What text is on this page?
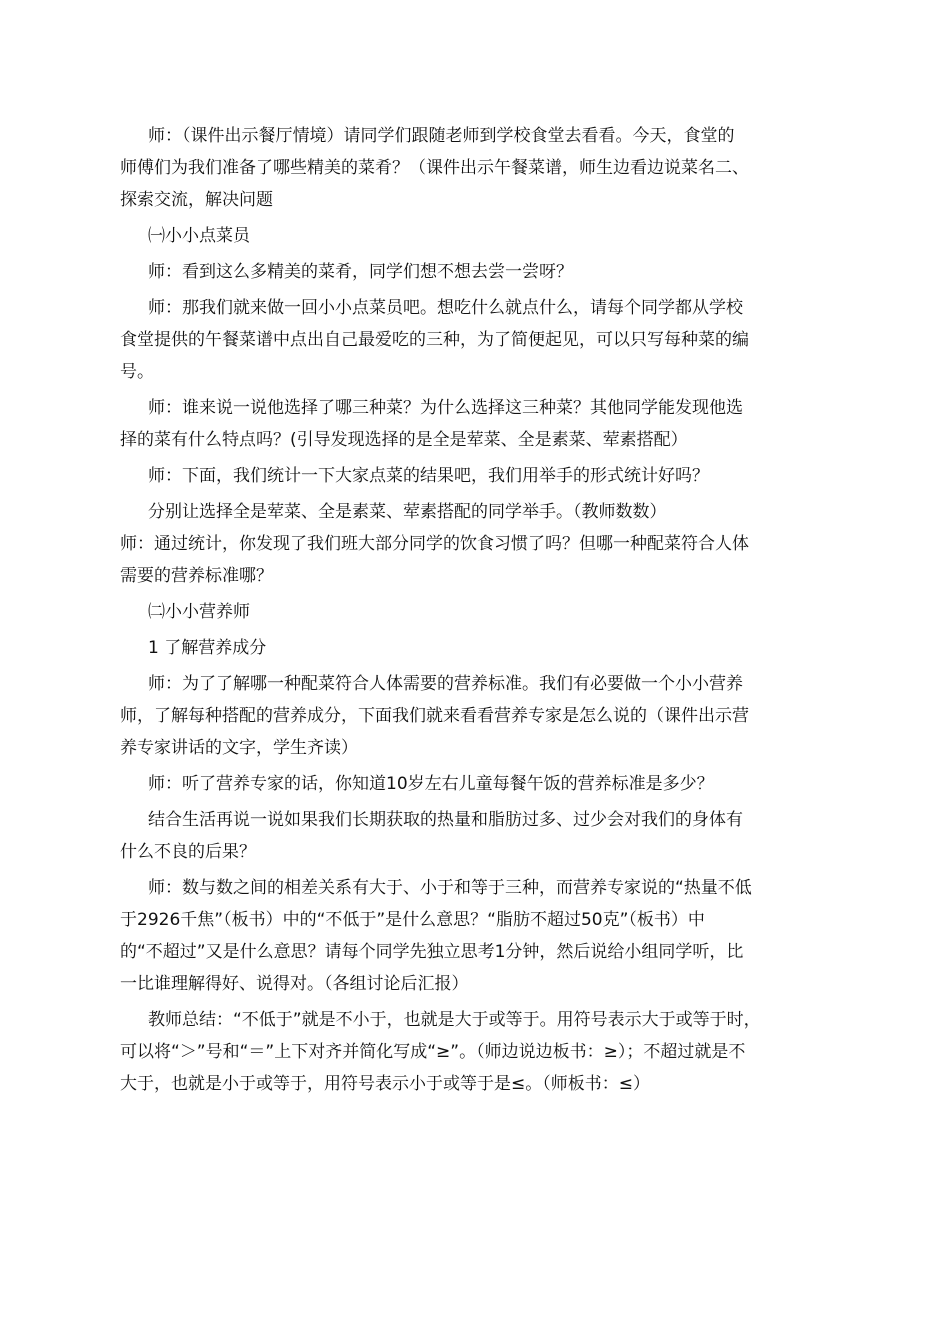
师：（课件出示餐厅情境）请同学们跟随老师到学校食堂去看看。今天，食堂的
师傅们为我们准备了哪些精美的菜肴？（课件出示午餐菜谱，师生边看边说菜名二、
探索交流，解决问题

㈠小小点菜员

师：看到这么多精美的菜肴，同学们想不想去尝一尝呀？

师：那我们就来做一回小小点菜员吧。想吃什么就点什么，请每个同学都从学校
食堂提供的午餐菜谱中点出自己最爱吃的三种，为了简便起见，可以只写每种菜的编
号。

师：谁来说一说他选择了哪三种菜？为什么选择这三种菜？其他同学能发现他选
择的菜有什么特点吗？(引导发现选择的是全是荤菜、全是素菜、荤素搭配）

师：下面，我们统计一下大家点菜的结果吧，我们用举手的形式统计好吗？

分别让选择全是荤菜、全是素菜、荤素搭配的同学举手。（教师数数）

师：通过统计，你发现了我们班大部分同学的饮食习惯了吗？但哪一种配菜符合人体
需要的营养标准哪？

㈡小小营养师

1 了解营养成分

师：为了了解哪一种配菜符合人体需要的营养标准。我们有必要做一个小小营养
师，了解每种搭配的营养成分，下面我们就来看看营养专家是怎么说的（课件出示营
养专家讲话的文字，学生齐读）

师：听了营养专家的话，你知道10岁左右儿童每餐午饭的营养标准是多少？

结合生活再说一说如果我们长期获取的热量和脂肪过多、过少会对我们的身体有
什么不良的后果？

师：数与数之间的相差关系有大于、小于和等于三种，而营养专家说的“热量不低
于2926千焦”（板书）中的“不低于”是什么意思？“脂肪不超过50克”（板书）中
的“不超过”又是什么意思？请每个同学先独立思考1分钟，然后说给小组同学听，比
一比谁理解得好、说得对。（各组讨论后汇报）

教师总结：“不低于”就是不小于，也就是大于或等于。用符号表示大于或等于时，
可以将“＞”号和“＝”上下对齐并简化写成“≥”。（师边说边板书：≥）；不超过就是不
大于，也就是小于或等于，用符号表示小于或等于是≤。（师板书：≤）
